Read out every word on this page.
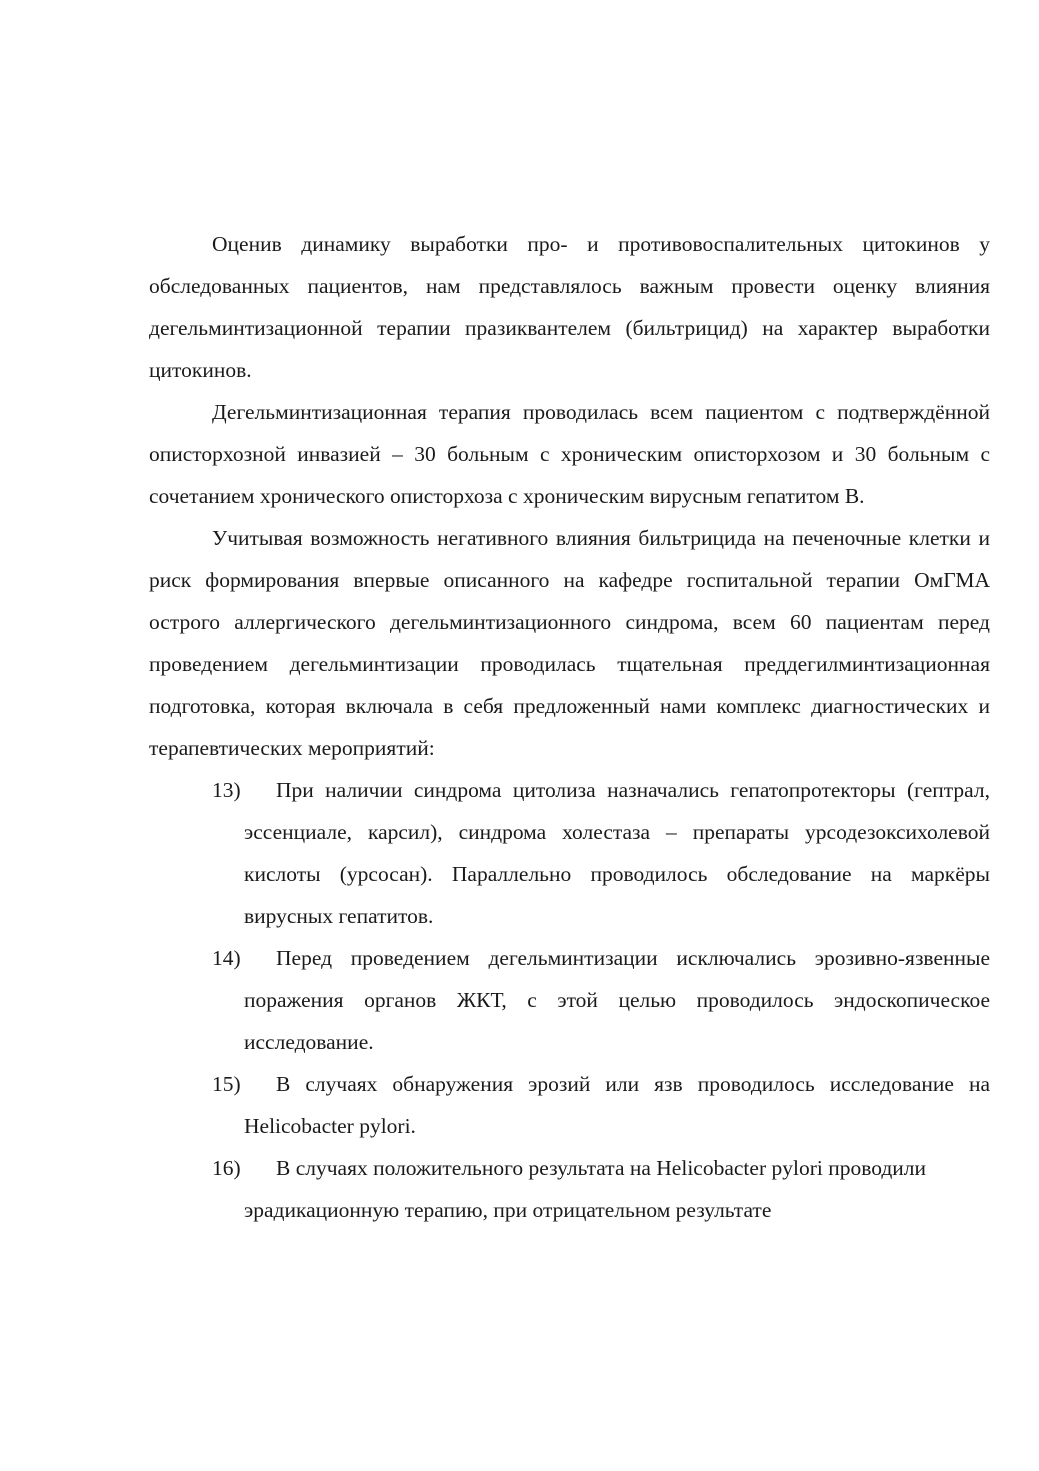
Оценив динамику выработки про- и противовоспалительных цитокинов у обследованных пациентов, нам представлялось важным провести оценку влияния дегельминтизационной терапии празиквантелем (бильтрицид) на характер выработки цитокинов.

Дегельминтизационная терапия проводилась всем пациентом с подтверждённой описторхозной инвазией – 30 больным с хроническим описторхозом и 30 больным с сочетанием хронического описторхоза с хроническим вирусным гепатитом В.

Учитывая возможность негативного влияния бильтрицида на печеночные клетки и риск формирования впервые описанного на кафедре госпитальной терапии ОмГМА острого аллергического дегельминтизационного синдрома, всем 60 пациентам перед проведением дегельминтизации проводилась тщательная преддегилминтизационная подготовка, которая включала в себя предложенный нами комплекс диагностических и терапевтических мероприятий:

13) При наличии синдрома цитолиза назначались гепатопротекторы (гептрал, эссенциале, карсил), синдрома холестаза – препараты урсодезоксихолевой кислоты (урсосан). Параллельно проводилось обследование на маркёры вирусных гепатитов.
14) Перед проведением дегельминтизации исключались эрозивно-язвенные поражения органов ЖКТ, с этой целью проводилось эндоскопическое исследование.
15) В случаях обнаружения эрозий или язв проводилось исследование на Helicobacter pylori.
16) В случаях положительного результата на Helicobacter pylori проводили эрадикационную терапию, при отрицательном результате
